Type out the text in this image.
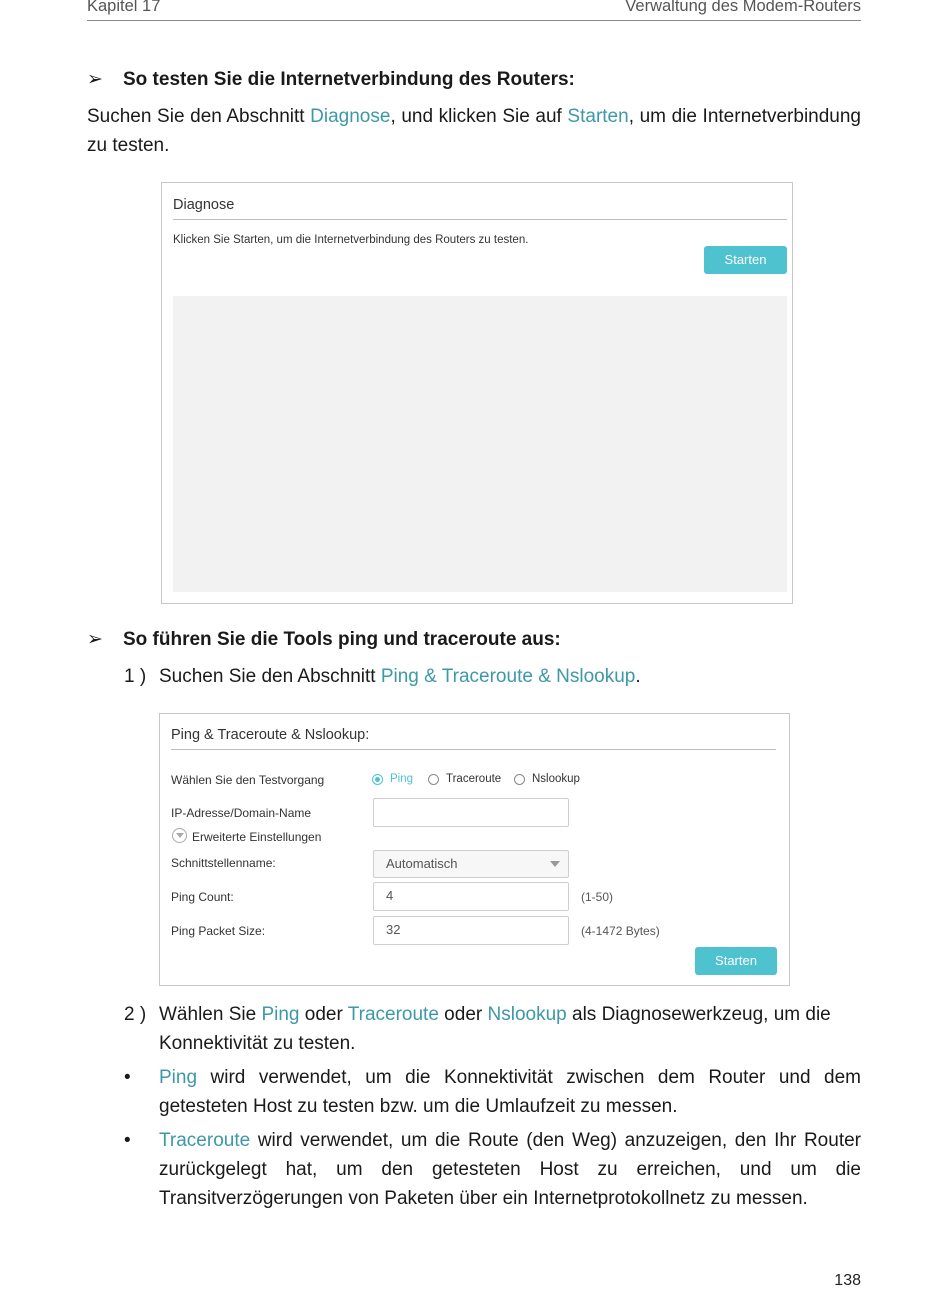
Kapitel 17	Verwaltung des Modem-Routers
➢ So testen Sie die Internetverbindung des Routers:
Suchen Sie den Abschnitt Diagnose, und klicken Sie auf Starten, um die Internetverbindung zu testen.
Diagnose
Klicken Sie Starten, um die Internetverbindung des Routers zu testen.
Starten
➢ So führen Sie die Tools ping und traceroute aus:
1 ) Suchen Sie den Abschnitt Ping & Traceroute & Nslookup.
Ping & Traceroute & Nslookup:
Wählen Sie den Testvorgang	Ping	Traceroute	Nslookup
IP-Adresse/Domain-Name
Erweiterte Einstellungen
Schnittstellenname:	Automatisch
Ping Count:	4	(1-50)
Ping Packet Size:	32	(4-1472 Bytes)
Starten
2 ) Wählen Sie Ping oder Traceroute oder Nslookup als Diagnosewerkzeug, um die Konnektivität zu testen.
• Ping wird verwendet, um die Konnektivität zwischen dem Router und dem getesteten Host zu testen bzw. um die Umlaufzeit zu messen.
• Traceroute wird verwendet, um die Route (den Weg) anzuzeigen, den Ihr Router zurückgelegt hat, um den getesteten Host zu erreichen, und um die Transitverzögerungen von Paketen über ein Internetprotokollnetz zu messen.
138
